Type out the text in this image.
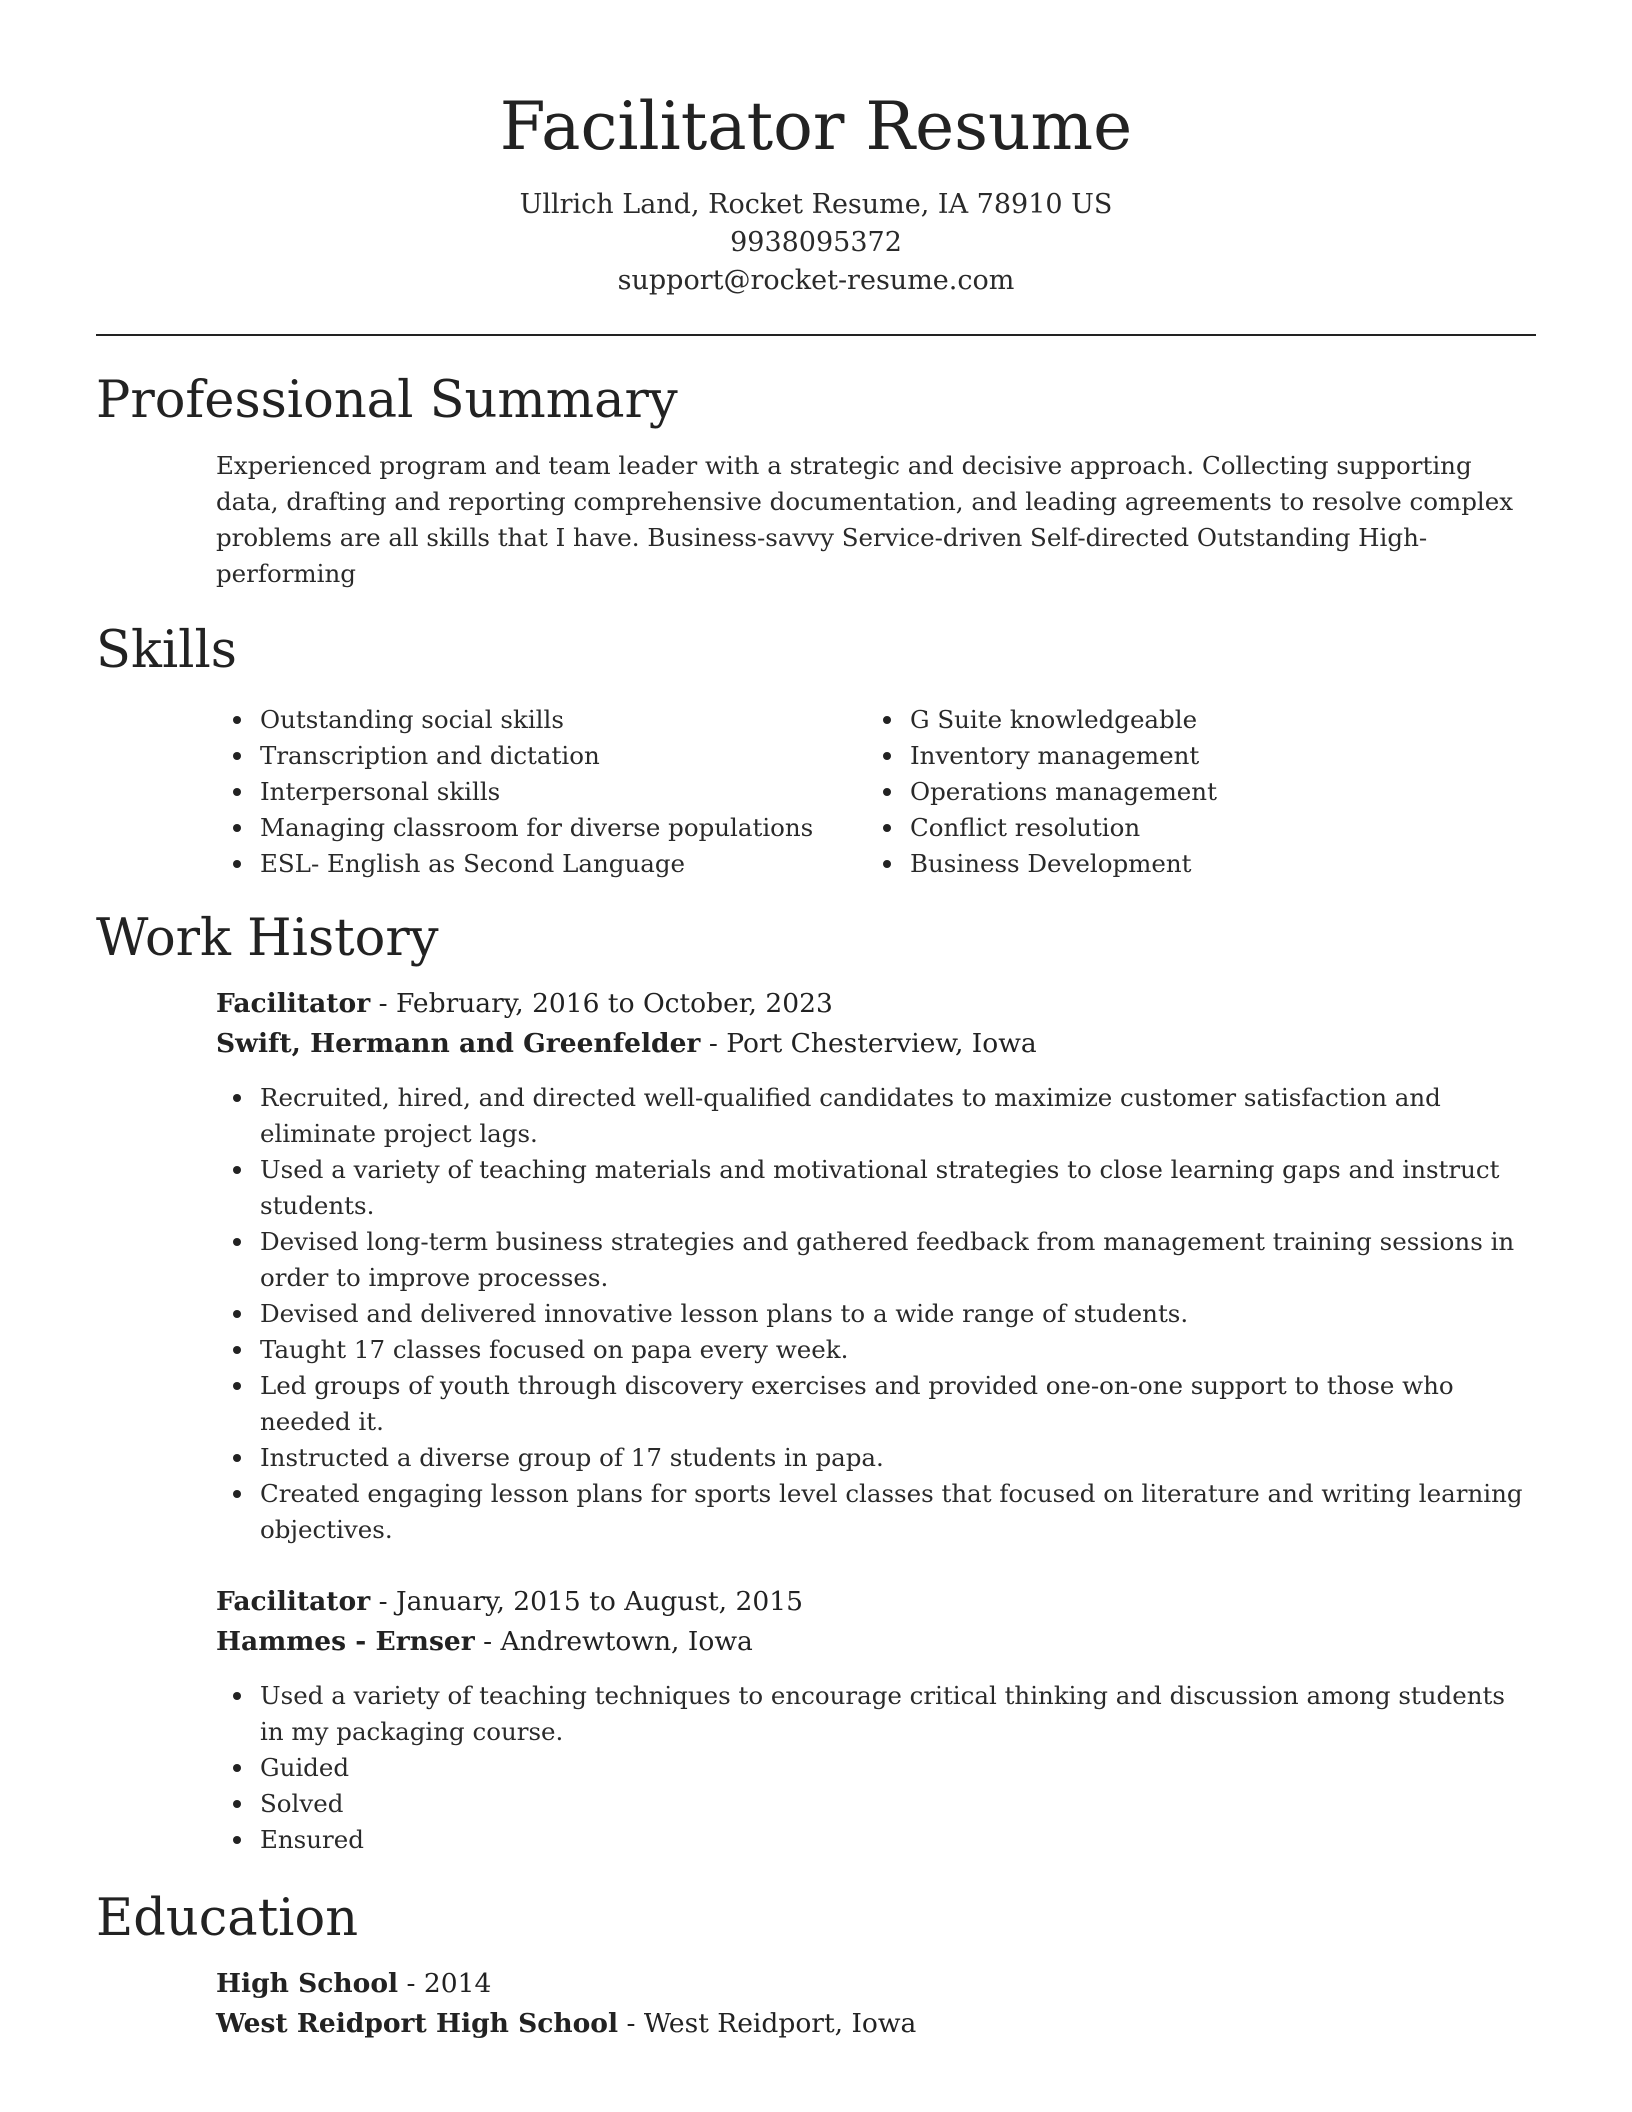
Facilitator Resume
Ullrich Land, Rocket Resume, IA 78910 US
9938095372
support@rocket-resume.com
Professional Summary

Experienced program and team leader with a strategic and decisive approach. Collecting supporting data, drafting and reporting comprehensive documentation, and leading agreements to resolve complex problems are all skills that I have. Business-savvy Service-driven Self-directed Outstanding High-performing

Skills
Outstanding social skills
Transcription and dictation
Interpersonal skills
Managing classroom for diverse populations
ESL- English as Second Language
G Suite knowledgeable
Inventory management
Operations management
Conflict resolution
Business Development
Work History
Facilitator - February, 2016 to October, 2023
Swift, Hermann and Greenfelder - Port Chesterview, Iowa
Recruited, hired, and directed well-qualified candidates to maximize customer satisfaction and eliminate project lags.
Used a variety of teaching materials and motivational strategies to close learning gaps and instruct students.
Devised long-term business strategies and gathered feedback from management training sessions in order to improve processes.
Devised and delivered innovative lesson plans to a wide range of students.
Taught 17 classes focused on papa every week.
Led groups of youth through discovery exercises and provided one-on-one support to those who needed it.
Instructed a diverse group of 17 students in papa.
Created engaging lesson plans for sports level classes that focused on literature and writing learning objectives.
Facilitator - January, 2015 to August, 2015
Hammes - Ernser - Andrewtown, Iowa
Used a variety of teaching techniques to encourage critical thinking and discussion among students in my packaging course.
Guided
Solved
Ensured
Education
High School - 2014
West Reidport High School - West Reidport, Iowa
